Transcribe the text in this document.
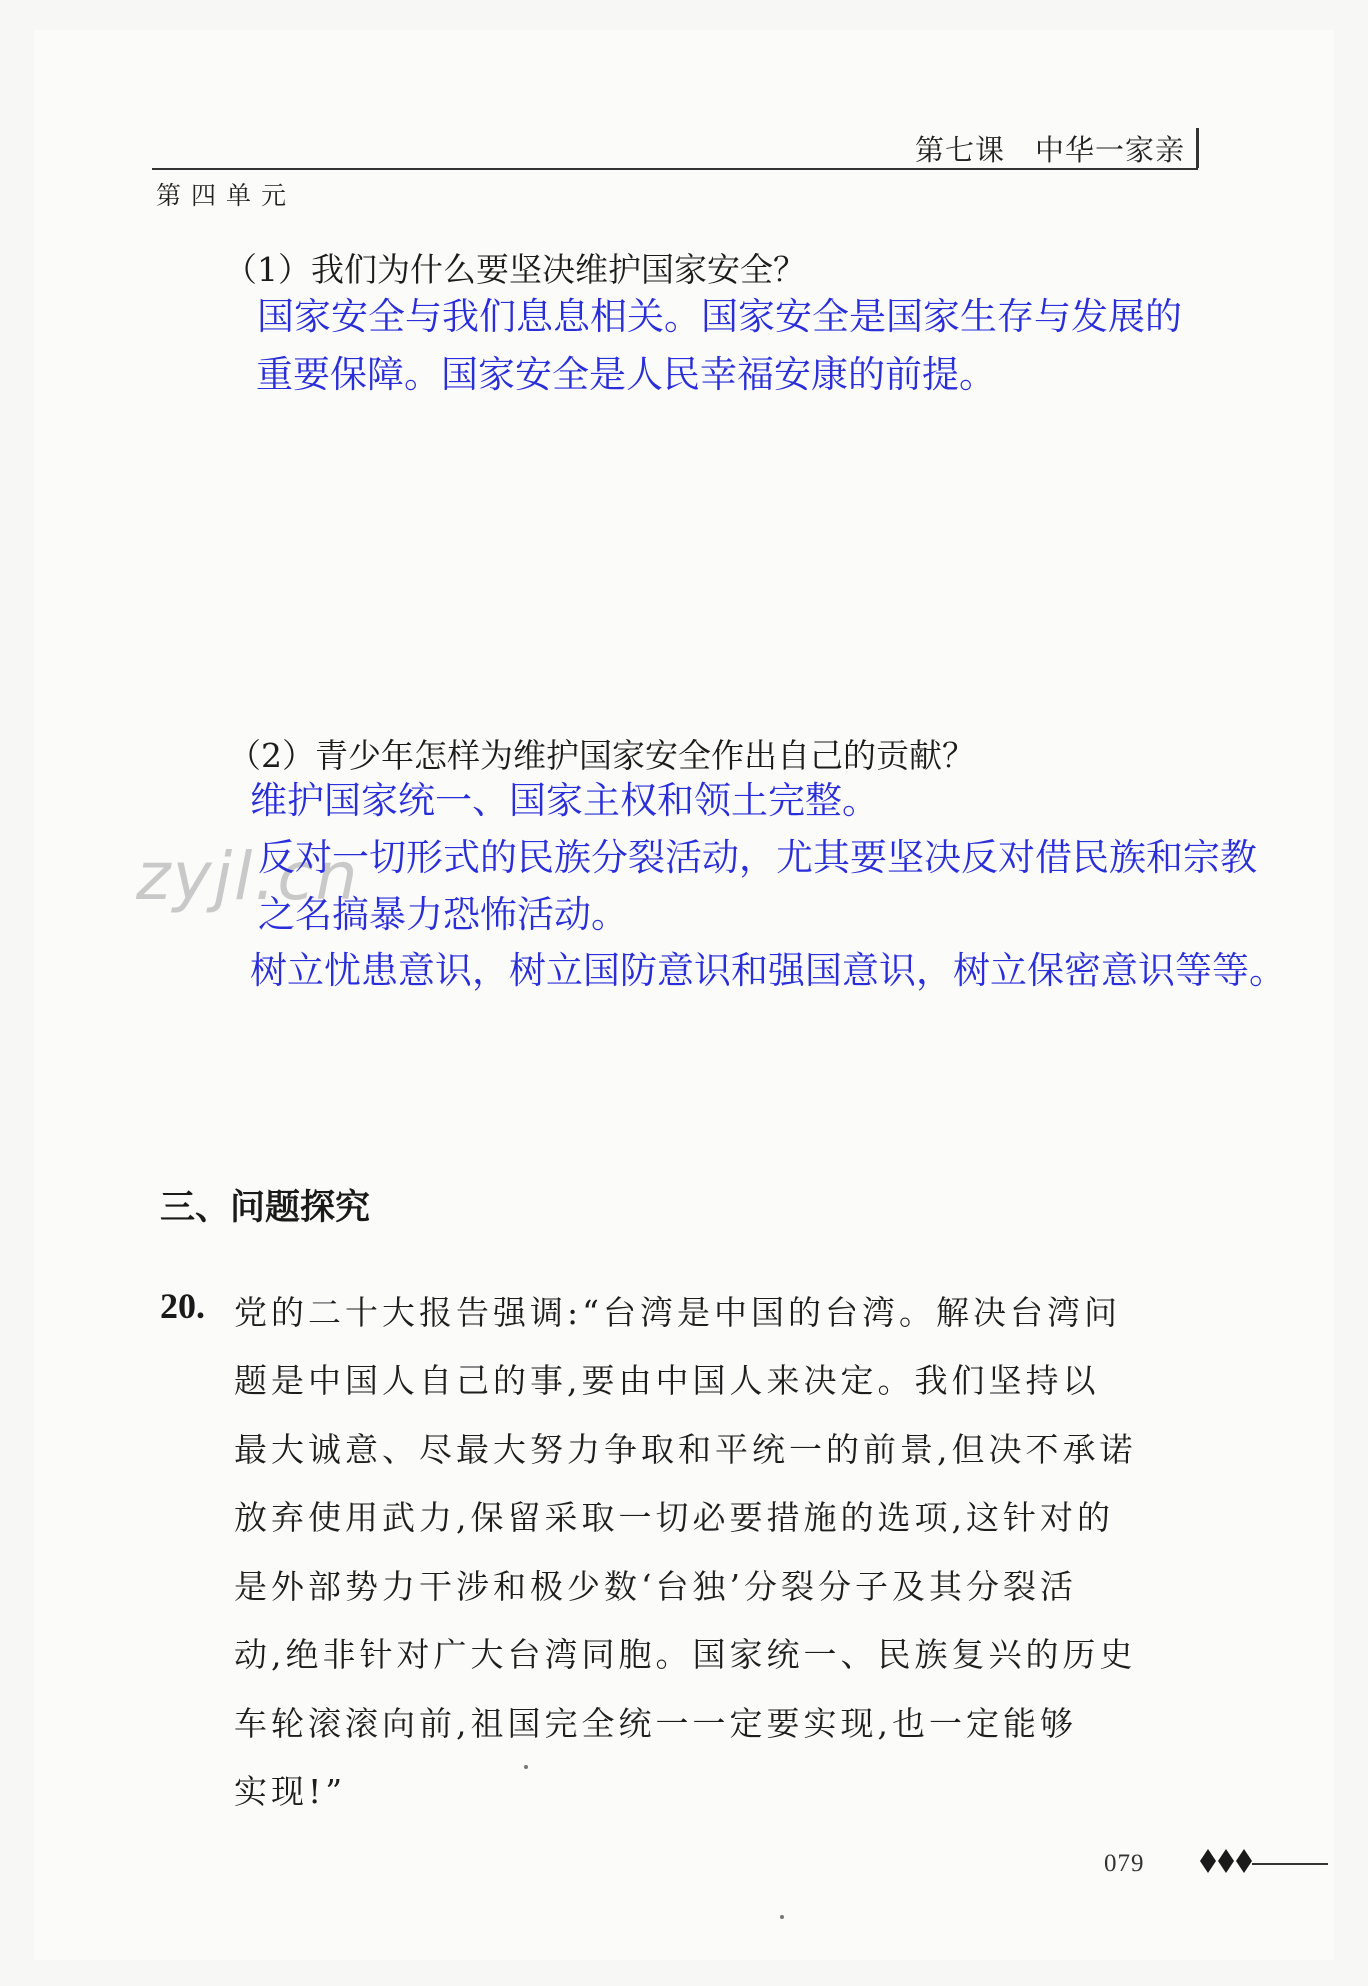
第七课　中华一家亲
第四单元
（1）我们为什么要坚决维护国家安全？
国家安全与我们息息相关。国家安全是国家生存与发展的
重要保障。国家安全是人民幸福安康的前提。
（2）青少年怎样为维护国家安全作出自己的贡献？
zyjl.cn
维护国家统一、国家主权和领土完整。
反对一切形式的民族分裂活动，尤其要坚决反对借民族和宗教
之名搞暴力恐怖活动。
树立忧患意识，树立国防意识和强国意识，树立保密意识等等。
三、问题探究
20. 党的二十大报告强调:“台湾是中国的台湾。解决台湾问
题是中国人自己的事,要由中国人来决定。我们坚持以
最大诚意、尽最大努力争取和平统一的前景,但决不承诺
放弃使用武力,保留采取一切必要措施的选项,这针对的
是外部势力干涉和极少数‘台独’分裂分子及其分裂活
动,绝非针对广大台湾同胞。国家统一、民族复兴的历史
车轮滚滚向前,祖国完全统一一定要实现,也一定能够
实现!”
079
